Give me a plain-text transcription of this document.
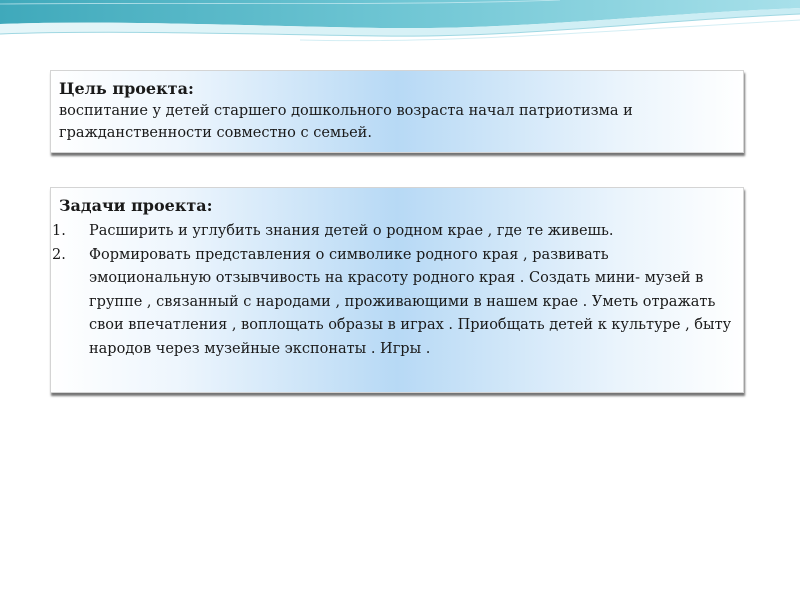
Цель проекта:

воспитание у детей старшего дошкольного возраста начал патриотизма и гражданственности совместно с семьей.

Задачи проекта:

1. Расширить и углубить знания детей о родном крае , где те живешь.
2. Формировать представления о символике родного края , развивать эмоциональную отзывчивость на красоту родного края . Создать мини- музей в группе , связанный с народами , проживающими в нашем крае . Уметь отражать свои впечатления , воплощать образы в играх . Приобщать детей к культуре , быту народов через музейные экспонаты . Игры .
